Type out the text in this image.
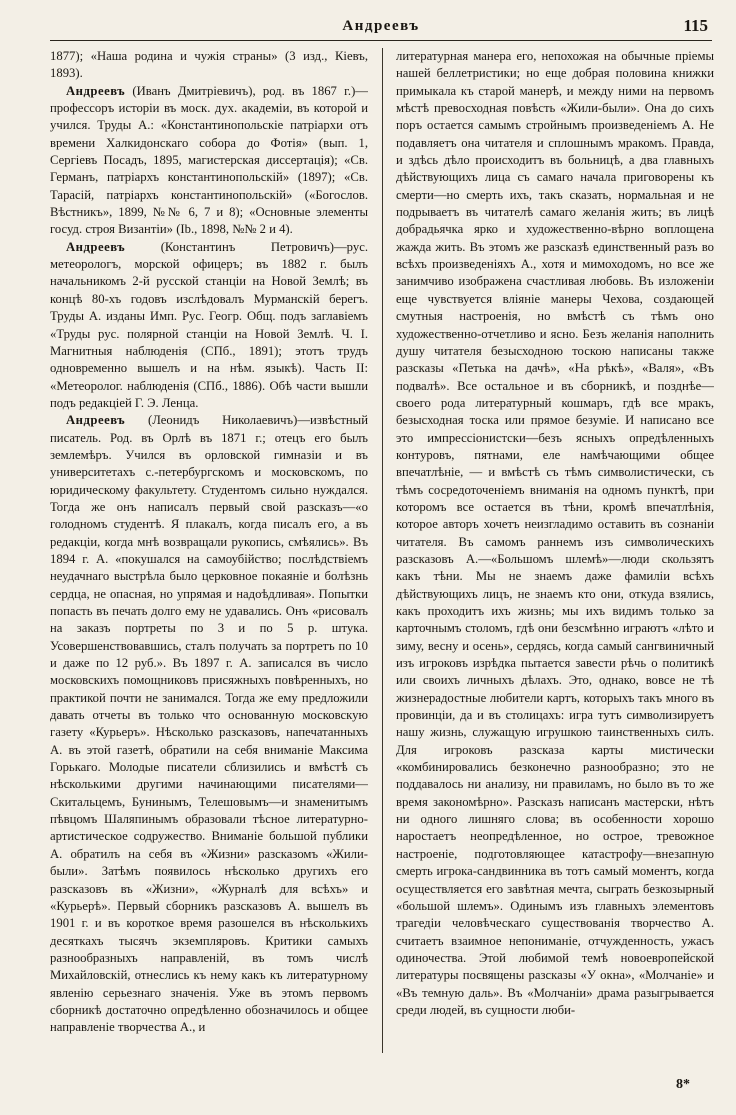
Андреевъ	115

1877); «Наша родина и чужія страны» (3 изд., Кіевъ, 1893).

Андреевъ (Иванъ Дмитріевичъ), род. въ 1867 г.)—профессоръ исторіи въ моск. дух. академіи, въ которой и учился. Труды А.: «Константинопольскіе патріархи отъ времени Халкидонскаго собора до Фотія» (вып. 1, Сергіевъ Посадъ, 1895, магистерская диссертація); «Св. Германъ, патріархъ константинопольскій» (1897); «Св. Тарасій, патріархъ константинопольскій» («Богослов. Вѣстникъ», 1899, №№ 6, 7 и 8); «Основные элементы госуд. строя Византіи» (Ib., 1898, №№ 2 и 4).

Андреевъ (Константинъ Петровичъ)—рус. метеорологъ, морской офицеръ; въ 1882 г. былъ начальникомъ 2-й русской станціи на Новой Землѣ; въ концѣ 80-хъ годовъ изслѣдовалъ Мурманскій берегъ. Труды А. изданы Имп. Рус. Геогр. Общ. подъ заглавіемъ «Труды рус. полярной станціи на Новой Землѣ. Ч. I. Магнитныя наблюденія (СПб., 1891); этотъ трудъ одновременно вышелъ и на нѣм. языкѣ). Часть II: «Метеоролог. наблюденія (СПб., 1886). Обѣ части вышли подъ редакціей Г. Э. Ленца.

Андреевъ (Леонидъ Николаевичъ)—извѣстный писатель. Род. въ Орлѣ въ 1871 г.; отецъ его былъ землемѣръ. Учился въ орловской гимназіи и въ университетахъ с.-петербургскомъ и московскомъ, по юридическому факультету. Студентомъ сильно нуждался. Тогда же онъ написалъ первый свой разсказъ—«о голодномъ студентѣ. Я плакалъ, когда писалъ его, а въ редакціи, когда мнѣ возвращали рукопись, смѣялись». Въ 1894 г. А. «покушался на самоубійство; послѣдствіемъ неудачнаго выстрѣла было церковное покаяніе и болѣзнь сердца, не опасная, но упрямая и надоѣдливая». Попытки попасть въ печать долго ему не удавались. Онъ «рисовалъ на заказъ портреты по 3 и по 5 р. штука. Усовершенствовавшись, сталъ получать за портретъ по 10 и даже по 12 руб.». Въ 1897 г. А. записался въ число московскихъ помощниковъ присяжныхъ повѣренныхъ, но практикой почти не занимался. Тогда же ему предложили давать отчеты въ только что основанную московскую газету «Курьеръ». Нѣсколько разсказовъ, напечатанныхъ А. въ этой газетѣ, обратили на себя вниманіе Максима Горькаго. Молодые писатели сблизились и вмѣстѣ съ нѣсколькими другими начинающими писателями—Скитальцемъ, Бунинымъ, Телешовымъ—и знаменитымъ пѣвцомъ Шаляпинымъ образовали тѣсное литературно-артистическое содружество. Вниманіе большой публики А. обратилъ на себя въ «Жизни» разсказомъ «Жили-были». Затѣмъ появилось нѣсколько другихъ его разсказовъ въ «Жизни», «Журналѣ для всѣхъ» и «Курьерѣ». Первый сборникъ разсказовъ А. вышелъ въ 1901 г. и въ короткое время разошелся въ нѣсколькихъ десяткахъ тысячъ экземпляровъ. Критики самыхъ разнообразныхъ направленій, въ томъ числѣ Михайловскій, отнеслись къ нему какъ къ литературному явленію серьезнаго значенія. Уже въ этомъ первомъ сборникѣ достаточно опредѣленно обозначилось и общее направленіе творчества А., и

литературная манера его, непохожая на обычные пріемы нашей беллетристики; но еще добрая половина книжки примыкала къ старой манерѣ, и между ними на первомъ мѣстѣ превосходная повѣсть «Жили-были». Она до сихъ поръ остается самымъ стройнымъ произведеніемъ А. Не подавляетъ она читателя и сплошнымъ мракомъ. Правда, и здѣсь дѣло происходитъ въ больницѣ, а два главныхъ дѣйствующихъ лица съ самаго начала приговорены къ смерти—но смерть ихъ, такъ сказать, нормальная и не подрываетъ въ читателѣ самаго желанія жить; въ лицѣ добрадьячка ярко и художественно-вѣрно воплощена жажда жить. Въ этомъ же разсказѣ единственный разъ во всѣхъ произведеніяхъ А., хотя и мимоходомъ, но все же занимчиво изображена счастливая любовь. Въ изложеніи еще чувствуется вліяніе манеры Чехова, создающей смутныя настроенія, но вмѣстѣ съ тѣмъ оно художественно-отчетливо и ясно. Безъ желанія наполнить душу читателя безысходною тоскою написаны также разсказы «Петька на дачѣ», «На рѣкѣ», «Валя», «Въ подвалѣ». Все остальное и въ сборникѣ, и позднѣе—своего рода литературный кошмаръ, гдѣ все мракъ, безысходная тоска или прямое безуміе. И написано все это импрессіонистски—безъ ясныхъ опредѣленныхъ контуровъ, пятнами, еле намѣчающими общее впечатлѣніе, — и вмѣстѣ съ тѣмъ символистически, съ тѣмъ сосредоточеніемъ вниманія на одномъ пунктѣ, при которомъ все остается въ тѣни, кромѣ впечатлѣнія, которое авторъ хочетъ неизгладимо оставить въ сознаніи читателя. Въ самомъ раннемъ изъ символическихъ разсказовъ А.—«Большомъ шлемѣ»—люди скользятъ какъ тѣни. Мы не знаемъ даже фамиліи всѣхъ дѣйствующихъ лицъ, не знаемъ кто они, откуда взялись, какъ проходитъ ихъ жизнь; мы ихъ видимъ только за карточнымъ столомъ, гдѣ они безсмѣнно играютъ «лѣто и зиму, весну и осень», сердясь, когда самый сангвиничный изъ игроковъ изрѣдка пытается завести рѣчь о политикѣ или своихъ личныхъ дѣлахъ. Это, однако, вовсе не тѣ жизнерадостные любители картъ, которыхъ такъ много въ провинціи, да и въ столицахъ: игра тутъ символизируетъ нашу жизнь, служащую игрушкою таинственныхъ силъ. Для игроковъ разсказа карты мистически «комбинировались безконечно разнообразно; это не поддавалось ни анализу, ни правиламъ, но было въ то же время закономѣрно». Разсказъ написанъ мастерски, нѣтъ ни одного лишняго слова; въ особенности хорошо наростаетъ неопредѣленное, но острое, тревожное настроеніе, подготовляющее катастрофу—внезапную смерть игрока-сандвинника въ тотъ самый моментъ, когда осуществляется его завѣтная мечта, сыграть безкозырный «большой шлемъ». Одинымъ изъ главныхъ элементовъ трагедіи человѣческаго существованія творчество А. считаетъ взаимное непониманіе, отчужденность, ужасъ одиночества. Этой любимой темѣ новоевропейской литературы посвящены разсказы «У окна», «Молчаніе» и «Въ темную даль». Въ «Молчаніи» драма разыгрывается среди людей, въ сущности люби-

8*
